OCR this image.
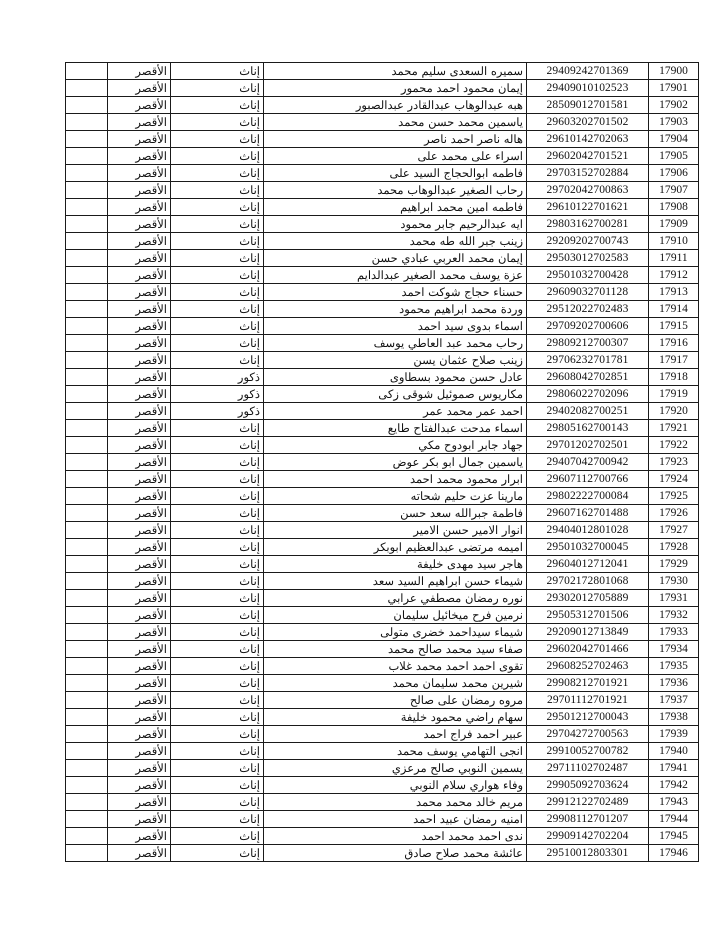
	الأقصر	إناث	سميره السعدى سليم محمد	29409242701369	17900
	الأقصر	إناث	إيمان محمود احمد محمور	29409010102523	17901
	الأقصر	إناث	هبه عبدالوهاب عبدالقادر عبدالصبور	28509012701581	17902
	الأقصر	إناث	ياسمين محمد حسن محمد	29603202701502	17903
	الأقصر	إناث	هاله ناصر احمد ناصر	29610142702063	17904
	الأقصر	إناث	اسراء على محمد على	29602042701521	17905
	الأقصر	إناث	فاطمه ابوالحجاج السيد على	29703152702884	17906
	الأقصر	إناث	رحاب الصغير عبدالوهاب محمد	29702042700863	17907
	الأقصر	إناث	فاطمه امين محمد ابراهيم	29610122701621	17908
	الأقصر	إناث	ايه عبدالرحيم جابر محمود	29803162700281	17909
	الأقصر	إناث	زينب جبر الله طه محمد	29209202700743	17910
	الأقصر	إناث	إيمان محمد العربي عبادي حسن	29503012702583	17911
	الأقصر	إناث	عزة يوسف محمد الصغير عبدالدايم	29501032700428	17912
	الأقصر	إناث	حسناء حجاج شوكت احمد	29609032701128	17913
	الأقصر	إناث	وردة محمد ابراهيم محمود	29512022702483	17914
	الأقصر	إناث	اسماء بدوى سيد احمد	29709202700606	17915
	الأقصر	إناث	رحاب محمد عبد العاطي يوسف	29809212700307	17916
	الأقصر	إناث	زينب صلاح عثمان يسن	29706232701781	17917
	الأقصر	ذكور	عادل حسن محمود بسطاوى	29608042702851	17918
	الأقصر	ذكور	مكاريوس صموئيل شوقى زكى	29806022702096	17919
	الأقصر	ذكور	احمد عمر محمد عمر	29402082700251	17920
	الأقصر	إناث	اسماء مدحت عبدالفتاح طايع	29805162700143	17921
	الأقصر	إناث	جهاد جابر ابودوح مكي	29701202702501	17922
	الأقصر	إناث	ياسمين جمال ابو بكر عوض	29407042700942	17923
	الأقصر	إناث	ابرار محمود محمد احمد	29607112700766	17924
	الأقصر	إناث	مارينا عزت حليم شحاته	29802222700084	17925
	الأقصر	إناث	فاطمة جبرالله سعد حسن	29607162701488	17926
	الأقصر	إناث	انوار الامير حسن الامير	29404012801028	17927
	الأقصر	إناث	اميمه مرتضى عبدالعظيم ابوبكر	29501032700045	17928
	الأقصر	إناث	هاجر سيد مهدى خليفة	29604012712041	17929
	الأقصر	إناث	شيماء حسن ابراهيم السيد سعد	29702172801068	17930
	الأقصر	إناث	نوره رمضان مصطفي عرابي	29302012705889	17931
	الأقصر	إناث	نرمين فرح ميخائيل سليمان	29505312701506	17932
	الأقصر	إناث	شيماء سيداحمد خضرى متولى	29209012713849	17933
	الأقصر	إناث	صفاء سيد محمد صالح محمد	29602042701466	17934
	الأقصر	إناث	تقوى احمد احمد محمد غلاب	29608252702463	17935
	الأقصر	إناث	شيرين محمد سليمان محمد	29908212701921	17936
	الأقصر	إناث	مروه رمضان على صالح	29701112701921	17937
	الأقصر	إناث	سهام راضي محمود خليفة	29501212700043	17938
	الأقصر	إناث	عبير احمد فراج احمد	29704272700563	17939
	الأقصر	إناث	انجى التهامي يوسف محمد	29910052700782	17940
	الأقصر	إناث	يسمين النوبي صالح مرعزي	29711102702487	17941
	الأقصر	إناث	وفاء هواري سلام النوبي	29905092703624	17942
	الأقصر	إناث	مريم خالد محمد محمد	29912122702489	17943
	الأقصر	إناث	امنيه رمضان عبيد احمد	29908112701207	17944
	الأقصر	إناث	ندى احمد محمد احمد	29909142702204	17945
	الأقصر	إناث	عائشة محمد صلاح صادق	29510012803301	17946
